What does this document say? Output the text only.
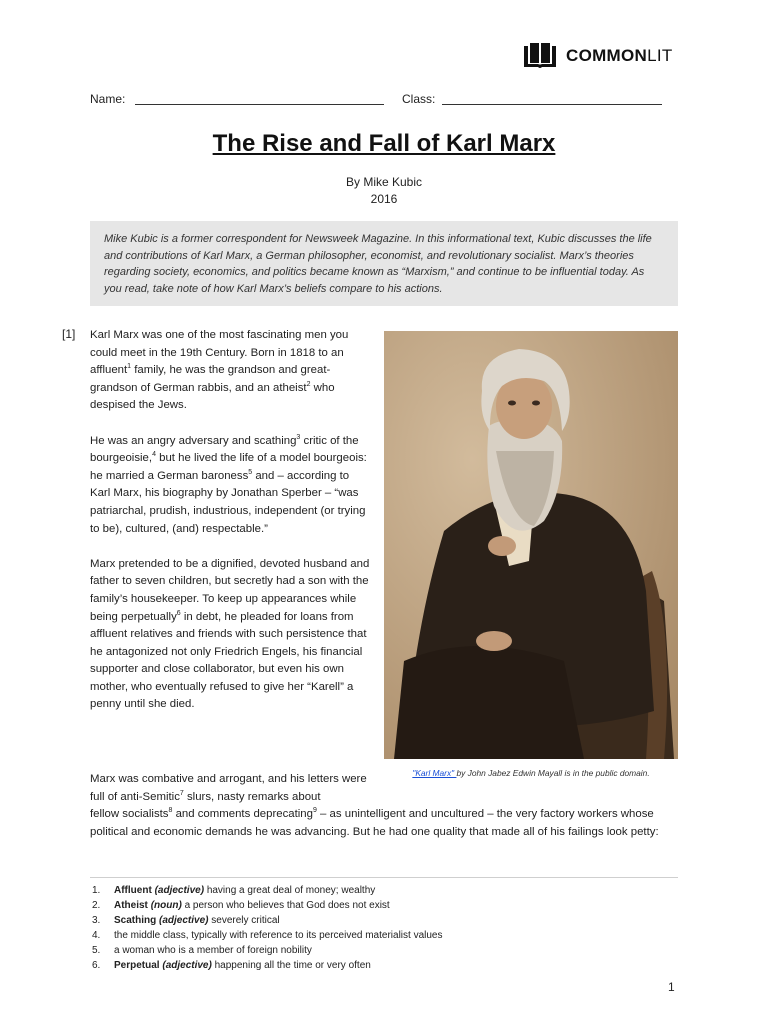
COMMONLIT
Name:	Class:
The Rise and Fall of Karl Marx
By Mike Kubic
2016
Mike Kubic is a former correspondent for Newsweek Magazine. In this informational text, Kubic discusses the life and contributions of Karl Marx, a German philosopher, economist, and revolutionary socialist. Marx’s theories regarding society, economics, and politics became known as “Marxism,” and continue to be influential today. As you read, take note of how Karl Marx’s beliefs compare to his actions.
[1] Karl Marx was one of the most fascinating men you could meet in the 19th Century. Born in 1818 to an affluent$^1$ family, he was the grandson and great-grandson of German rabbis, and an atheist$^2$ who despised the Jews.

He was an angry adversary and scathing$^3$ critic of the bourgeoisie,$^4$ but he lived the life of a model bourgeois: he married a German baroness$^5$ and – according to Karl Marx, his biography by Jonathan Sperber – “was patriarchal, prudish, industrious, independent (or trying to be), cultured, (and) respectable.”

Marx pretended to be a dignified, devoted husband and father to seven children, but secretly had a son with the family’s housekeeper. To keep up appearances while being perpetually$^6$ in debt, he pleaded for loans from affluent relatives and friends with such persistence that he antagonized not only Friedrich Engels, his financial supporter and close collaborator, but even his own mother, who eventually refused to give her “Karell” a penny until she died.

Marx was combative and arrogant, and his letters were full of anti-Semitic$^7$ slurs, nasty remarks about
fellow socialists$^8$ and comments deprecating$^9$ – as unintelligent and uncultured – the very factory workers whose political and economic demands he was advancing. But he had one quality that made all of his failings look petty:

"Karl Marx" by John Jabez Edwin Mayall is in the public domain.
1. Affluent (adjective) having a great deal of money; wealthy
2. Atheist (noun) a person who believes that God does not exist
3. Scathing (adjective) severely critical
4. the middle class, typically with reference to its perceived materialist values
5. a woman who is a member of foreign nobility
6. Perpetual (adjective) happening all the time or very often
1
